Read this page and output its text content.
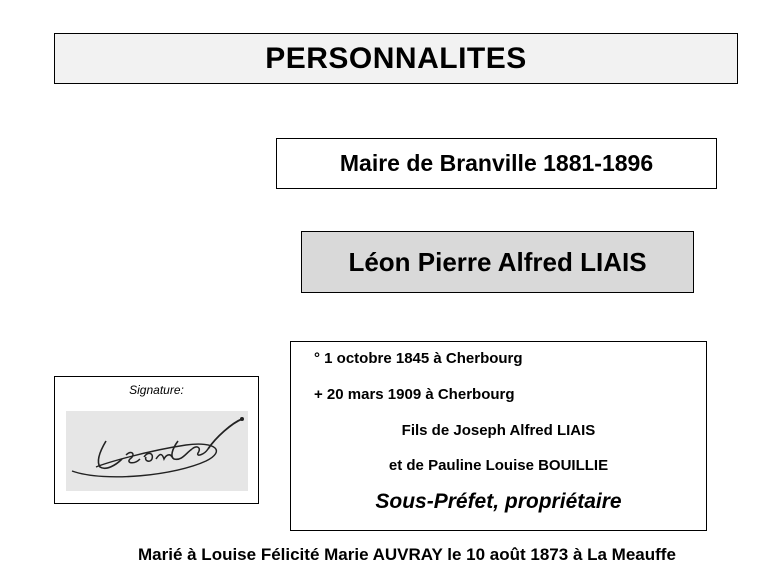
PERSONNALITES
Maire de Branville 1881-1896
Léon Pierre Alfred LIAIS
Signature:
° 1 octobre 1845 à Cherbourg
+ 20 mars 1909 à Cherbourg
Fils de Joseph Alfred LIAIS
et de Pauline Louise BOUILLIE
Sous-Préfet, propriétaire
Marié à Louise Félicité Marie AUVRAY le 10 août 1873 à La Meauffe
